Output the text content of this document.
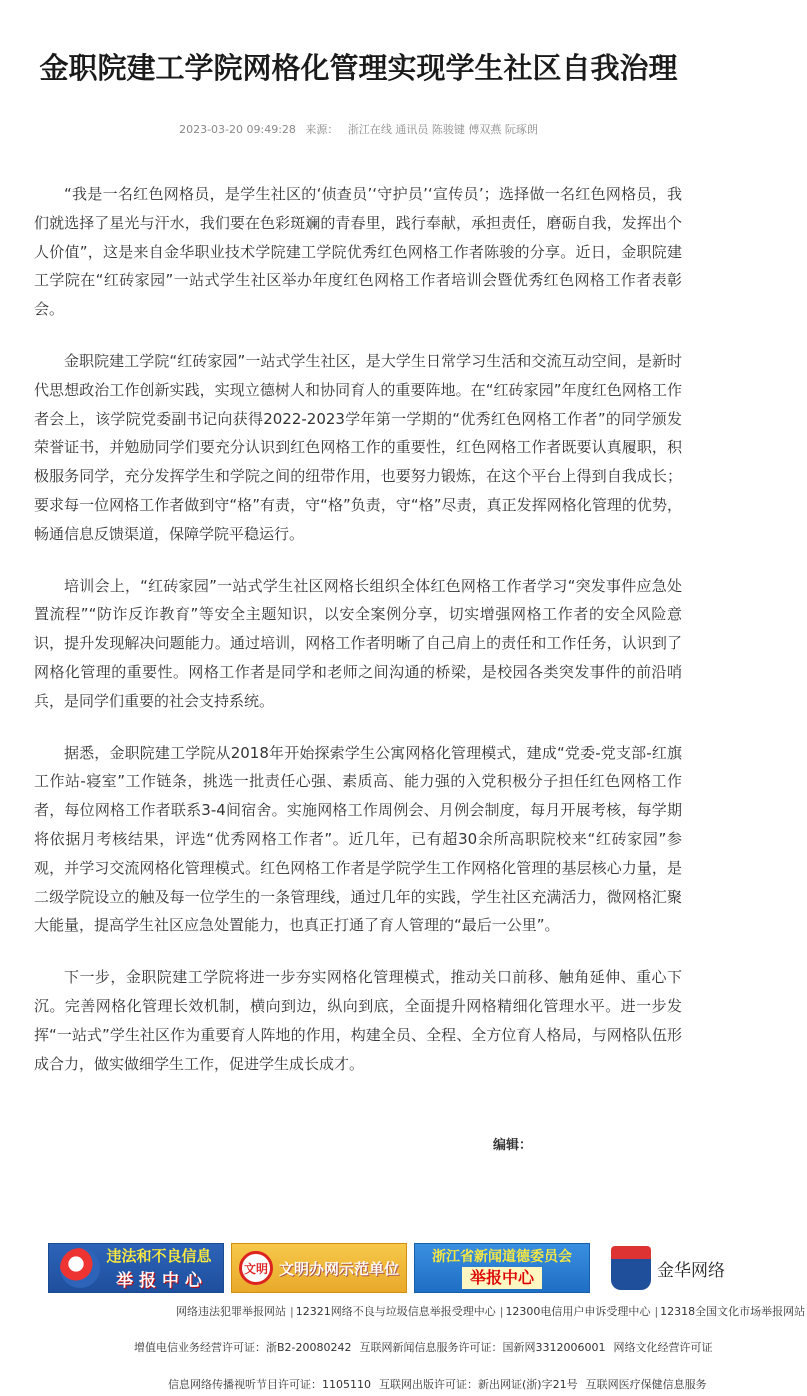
金职院建工学院网格化管理实现学生社区自我治理
2023-03-20 09:49:28 来源： 浙江在线 通讯员 陈骏键 傅双燕 阮琢朗

“我是一名红色网格员，是学生社区的‘侦查员’‘守护员’‘宣传员’；选择做一名红色网格员，我们就选择了星光与汗水，我们要在色彩斑斓的青春里，践行奉献，承担责任，磨砺自我，发挥出个人价值”，这是来自金华职业技术学院建工学院优秀红色网格工作者陈骏的分享。近日，金职院建工学院在“红砖家园”一站式学生社区举办年度红色网格工作者培训会暨优秀红色网格工作者表彰会。

金职院建工学院“红砖家园”一站式学生社区，是大学生日常学习生活和交流互动空间，是新时代思想政治工作创新实践，实现立德树人和协同育人的重要阵地。在“红砖家园”年度红色网格工作者会上，该学院党委副书记向获得2022-2023学年第一学期的“优秀红色网格工作者”的同学颁发荣誉证书，并勉励同学们要充分认识到红色网格工作的重要性，红色网格工作者既要认真履职，积极服务同学，充分发挥学生和学院之间的纽带作用，也要努力锻炼，在这个平台上得到自我成长；要求每一位网格工作者做到守“格”有责，守“格”负责，守“格”尽责，真正发挥网格化管理的优势，畅通信息反馈渠道，保障学院平稳运行。

培训会上，“红砖家园”一站式学生社区网格长组织全体红色网格工作者学习“突发事件应急处置流程”“防诈反诈教育”等安全主题知识，以安全案例分享，切实增强网格工作者的安全风险意识，提升发现解决问题能力。通过培训，网格工作者明晰了自己肩上的责任和工作任务，认识到了网格化管理的重要性。网格工作者是同学和老师之间沟通的桥梁，是校园各类突发事件的前沿哨兵，是同学们重要的社会支持系统。

据悉，金职院建工学院从2018年开始探索学生公寓网格化管理模式，建成“党委-党支部-红旗工作站-寝室”工作链条，挑选一批责任心强、素质高、能力强的入党积极分子担任红色网格工作者，每位网格工作者联系3-4间宿舍。实施网格工作周例会、月例会制度，每月开展考核，每学期将依据月考核结果，评选“优秀网格工作者”。近几年，已有超30余所高职院校来“红砖家园”参观，并学习交流网格化管理模式。红色网格工作者是学院学生工作网格化管理的基层核心力量，是二级学院设立的触及每一位学生的一条管理线，通过几年的实践，学生社区充满活力，微网格汇聚大能量，提高学生社区应急处置能力，也真正打通了育人管理的“最后一公里”。

下一步，金职院建工学院将进一步夯实网格化管理模式，推动关口前移、触角延伸、重心下沉。完善网格化管理长效机制，横向到边，纵向到底，全面提升网格精细化管理水平。进一步发挥“一站式”学生社区作为重要育人阵地的作用，构建全员、全程、全方位育人格局，与网格队伍形成合力，做实做细学生工作，促进学生成长成才。

编辑：
违法和不良信息
举 报 中 心
文明 文明办网示范单位
浙江省新闻道德委员会
举报中心	金华网络
网络违法犯罪举报网站 | 12321网络不良与垃圾信息举报受理中心 | 12300电信用户申诉受理中心 | 12318全国文化市场举报网站
增值电信业务经营许可证：浙B2-20080242 互联网新闻信息服务许可证：国新网3312006001 网络文化经营许可证
信息网络传播视听节目许可证：1105110 互联网出版许可证：新出网证(浙)字21号 互联网医疗保健信息服务
